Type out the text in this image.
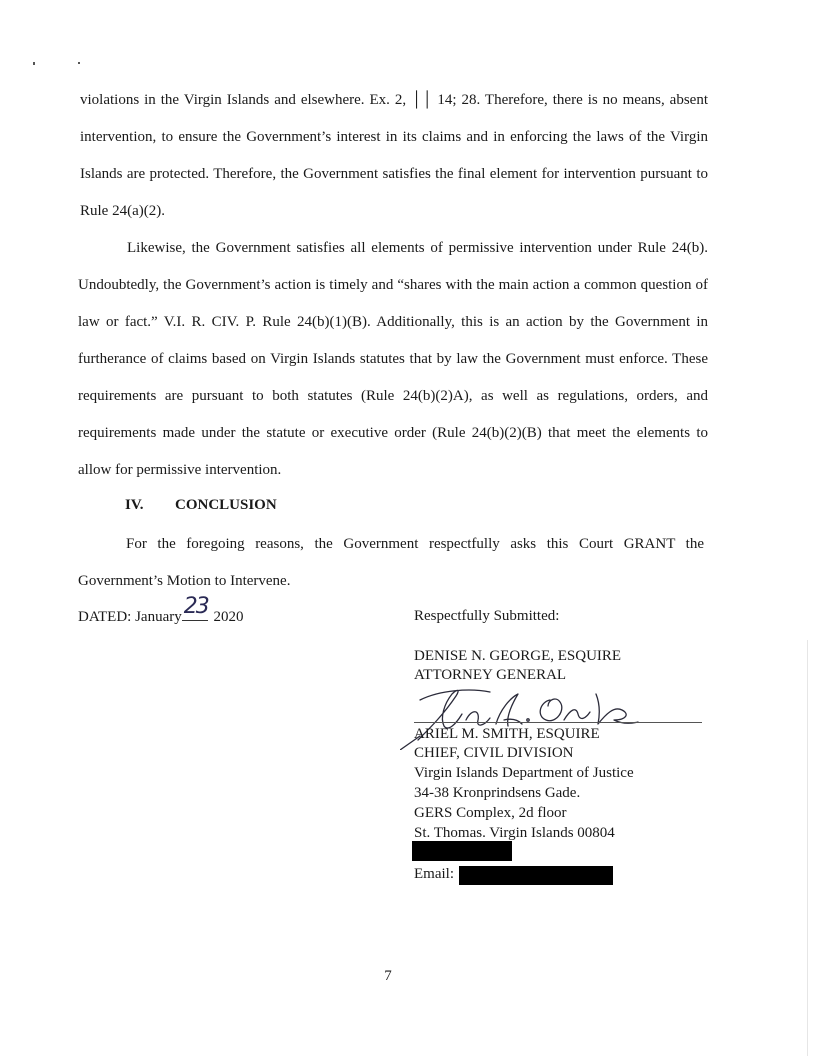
violations in the Virgin Islands and elsewhere. Ex. 2, ││ 14; 28. Therefore, there is no means, absent intervention, to ensure the Government’s interest in its claims and in enforcing the laws of the Virgin Islands are protected. Therefore, the Government satisfies the final element for intervention pursuant to Rule 24(a)(2).

Likewise, the Government satisfies all elements of permissive intervention under Rule 24(b). Undoubtedly, the Government’s action is timely and “shares with the main action a common question of law or fact.” V.I. R. CIV. P. Rule 24(b)(1)(B). Additionally, this is an action by the Government in furtherance of claims based on Virgin Islands statutes that by law the Government must enforce. These requirements are pursuant to both statutes (Rule 24(b)(2)A), as well as regulations, orders, and requirements made under the statute or executive order (Rule 24(b)(2)(B) that meet the elements to allow for permissive intervention.

IV. CONCLUSION

For the foregoing reasons, the Government respectfully asks this Court GRANT the Government’s Motion to Intervene.

DATED: January 23 2020	Respectfully Submitted:

DENISE N. GEORGE, ESQUIRE

ATTORNEY GENERAL

ARIEL M. SMITH, ESQUIRE

CHIEF, CIVIL DIVISION

Virgin Islands Department of Justice

34-38 Kronprindsens Gade.

GERS Complex, 2d floor

St. Thomas. Virgin Islands 00804

Email:
7
